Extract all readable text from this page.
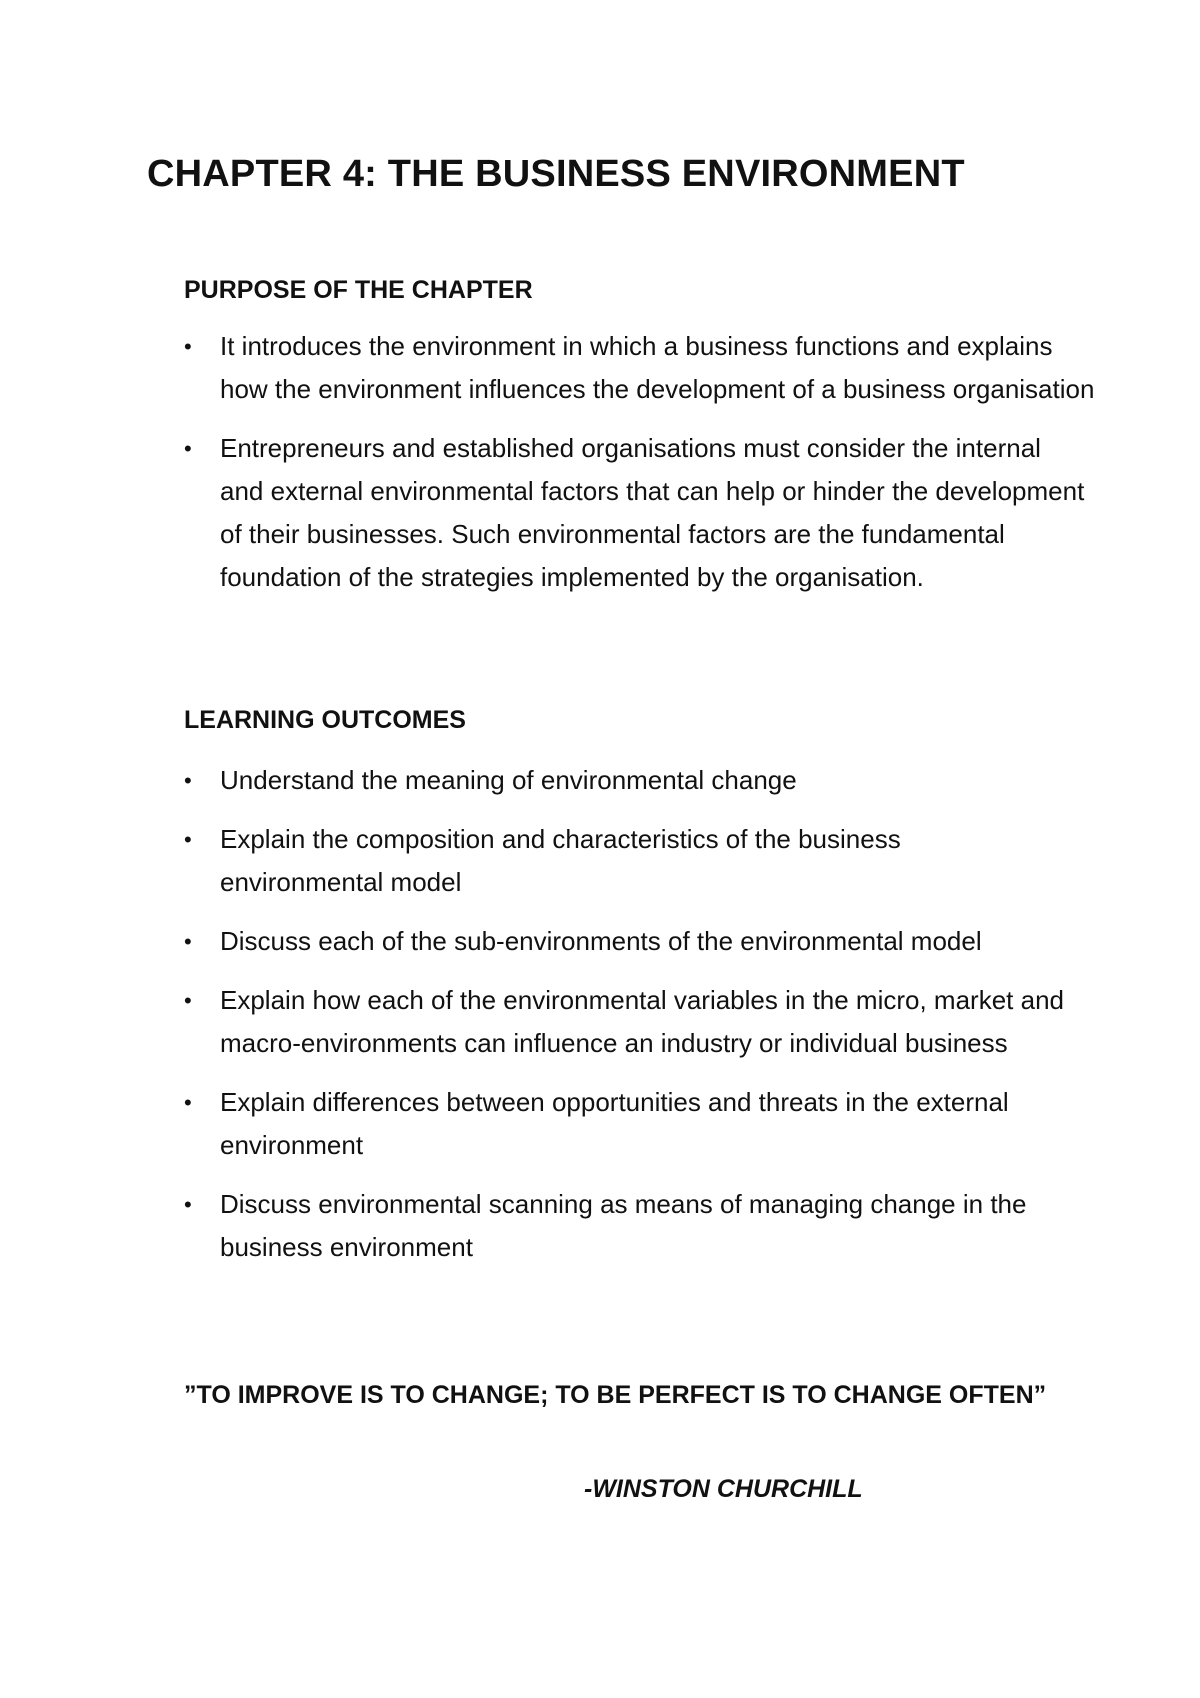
CHAPTER 4: THE BUSINESS ENVIRONMENT
PURPOSE OF THE CHAPTER
• It introduces the environment in which a business functions and explains how the environment influences the development of a business organisation
• Entrepreneurs and established organisations must consider the internal and external environmental factors that can help or hinder the development of their businesses. Such environmental factors are the fundamental foundation of the strategies implemented by the organisation.
LEARNING OUTCOMES
• Understand the meaning of environmental change
• Explain the composition and characteristics of the business environmental model
• Discuss each of the sub-environments of the environmental model
• Explain how each of the environmental variables in the micro, market and macro-environments can influence an industry or individual business
• Explain differences between opportunities and threats in the external environment
• Discuss environmental scanning as means of managing change in the business environment

”TO IMPROVE IS TO CHANGE; TO BE PERFECT IS TO CHANGE OFTEN”

-WINSTON CHURCHILL
